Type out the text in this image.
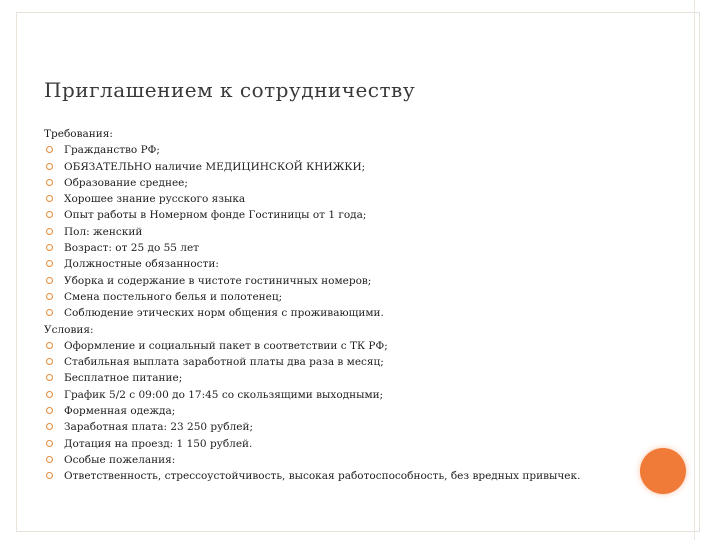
Приглашением к сотрудничеству
Требования:
Гражданство РФ;
ОБЯЗАТЕЛЬНО наличие МЕДИЦИНСКОЙ КНИЖКИ;
Образование среднее;
Хорошее знание русского языка
Опыт работы в Номерном фонде Гостиницы от 1 года;
Пол: женский
Возраст: от 25 до 55 лет
Должностные обязанности:
Уборка и содержание в чистоте гостиничных номеров;
Смена постельного белья и полотенец;
Соблюдение этических норм общения с проживающими.
Условия:
Оформление и социальный пакет в соответствии с ТК РФ;
Стабильная выплата заработной платы два раза в месяц;
Бесплатное питание;
График 5/2 с 09:00 до 17:45 со скользящими выходными;
Форменная одежда;
Заработная плата: 23 250 рублей;
Дотация на проезд: 1 150 рублей.
Особые пожелания:
Ответственность, стрессоустойчивость, высокая работоспособность, без вредных привычек.
